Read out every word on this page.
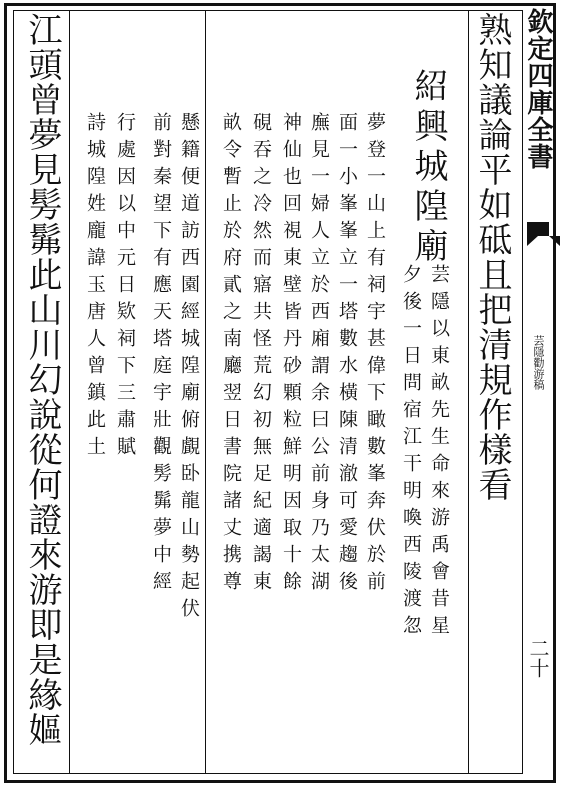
欽定四庫全書
芸隱勸游稿
二十
熟知議論平如砥且把清規作樣看
紹興城隍廟
芸隱以東畝先生命來游禹會昔星
夕後一日問宿江干明喚西陵渡忽
夢登一山上有祠宇甚偉下瞰數峯奔伏於前
面一小峯峯立一塔數水橫陳清澈可愛趨後
廡見一婦人立於西廂謂余曰公前身乃太湖
神仙也回視東壁皆丹砂顆粒鮮明因取十餘
硯吞之冷然而寤共怪荒幻初無足紀適謁東
畝令暫止於府貳之南廳翌日書院諸丈携尊
懸籍便道訪西園經城隍廟俯覰卧龍山勢起伏
前對秦望下有應天塔庭宇壯觀髣髴夢中經
行處因以中元日欵祠下三肅賦
詩城隍姓龐諱玉唐人曾鎮此土
江頭曾夢見髣髴此山川幻說從何證來游即是緣嫗
